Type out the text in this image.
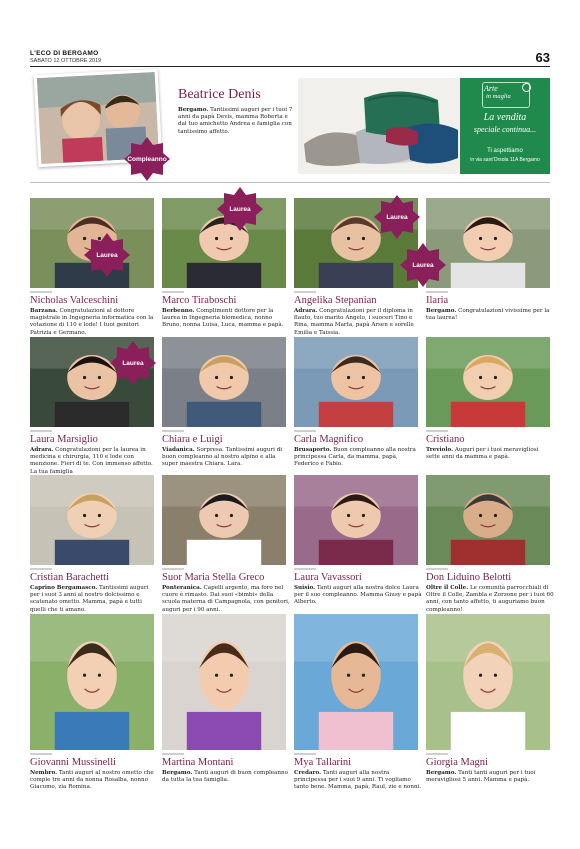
L'ECO DI BERGAMO
SABATO 12 OTTOBRE 2019	63
Compleanno
Beatrice Denis
Bergamo. Tantissimi auguri per i tuoi 7 anni da papà Devis, mamma Roberta e dal tuo amichetto Andrea e famiglia con tantissimo affetto.
Arte
in maglia
La vendita
speciale continua...
Ti aspettiamo
in via sant'Orsola 11A Bergamo
Nicholas Valceschini
Barzana. Congratulazioni al dottore magistrale in Ingegneria informatica con la votazione di 110 e lode! I tuoi genitori Patrizia e Germano.
Marco Tiraboschi
Berbenno. Complimenti dottore per la laurea in Ingegneria biomedica, nonno Bruno, nonna Luisa, Luca, mamma e papà.
Angelika Stepanian
Adrara. Congratulazioni per il diploma in flauto, tuo marito Angelo, i suoceri Tino e Rina, mamma Marta, papà Arsen e sorelle Emilia e Taissia.
Ilaria
Bergamo. Congratulazioni vivissime per la tua laurea!
Laura Marsiglio
Adrara. Congratulazioni per la laurea in medicina e chirurgia, 110 e lode con menzione. Fieri di te. Con immenso affetto. La tua famiglia
Chiara e Luigi
Viadanica. Sorpresa. Tantissimi auguri di buon compleanno al nostro alpino e alla super maestra Chiara. Lara.
Carla Magnifico
Brusaporto. Buon compleanno alla nostra principessa Carla, da mamma, papà, Federico e Fabio.
Cristiano
Treviolo. Auguri per i tuoi meravigliosi sette anni da mamma e papà.
Cristian Barachetti
Caprino Bergamasco. Tantissimi auguri per i suoi 3 anni al nostro dolcissimo e scatenato ometto. Mamma, papà e tutti quelli che ti amano.
Suor Maria Stella Greco
Ponteranica. Capelli argento, ma foro nel cuore è rimasto. Dai suoi «bimbi» della scuola materna di Campagnola, con genitori, auguri per i 90 anni.
Laura Vavassori
Suisio. Tanti auguri alla nostra dolce Laura per il suo compleanno. Mamma Giusy e papà Alberto.
Don Liduino Belotti
Oltre il Colle. Le comunità parrocchiali di Oltre il Colle, Zambla e Zorzone per i tuoi 60 anni, con tanto affetto, ti auguriamo buon compleanno!
Giovanni Mussinelli
Nembro. Tanti auguri al nostro ometto che compie tre anni da nonna Rosalba, nonno Giacomo, zia Romina.
Martina Montani
Bergamo. Tanti auguri di buon compleanno da tutta la tua famiglia.
Mya Tallarini
Credaro. Tanti auguri alla nostra principessa per i suoi 9 anni. Ti vogliamo tanto bene. Mamma, papà, Raul, zie e nonni.
Giorgia Magni
Bergamo. Tanti tanti auguri per i tuoi meravigliosi 5 anni. Mamma e papà.
Laurea
Laurea
Laurea
Laurea
Laurea
